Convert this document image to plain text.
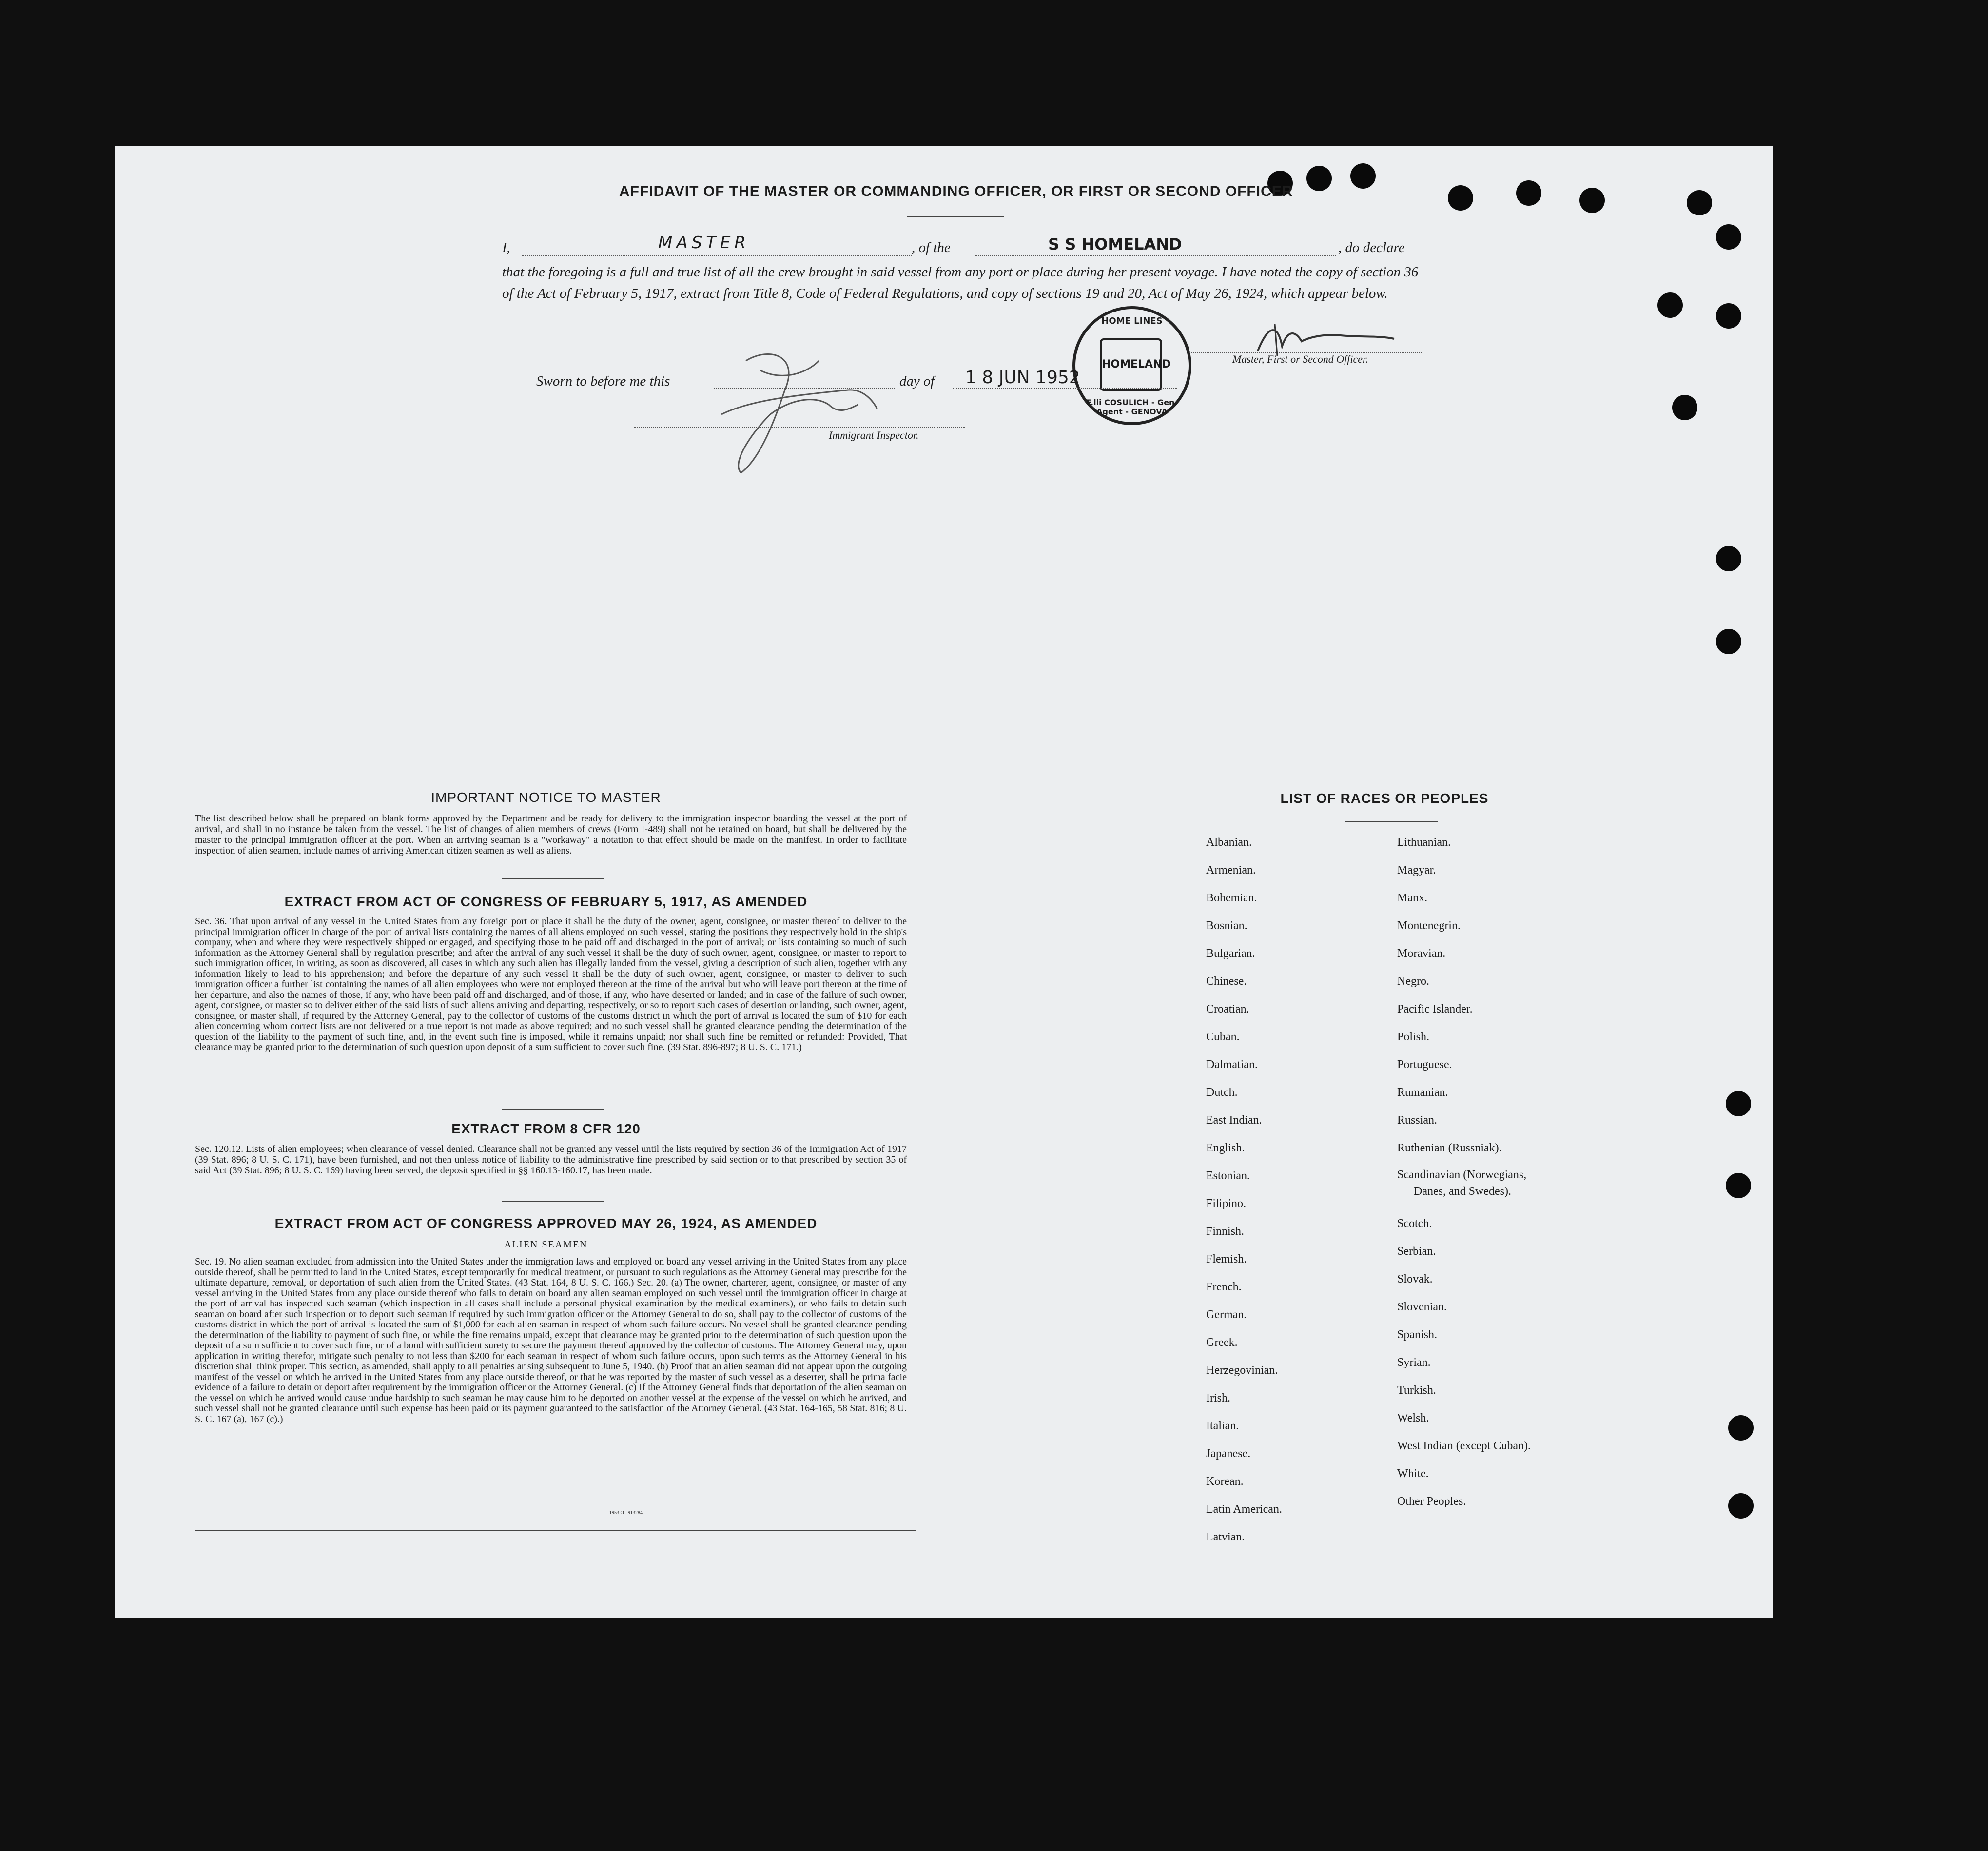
AFFIDAVIT OF THE MASTER OR COMMANDING OFFICER, OR FIRST OR SECOND OFFICER
I,	MASTER	, of the	S S HOMELAND	, do declare
that the foregoing is a full and true list of all the crew brought in said vessel from any port or place during her present voyage. I have noted the copy of section 36 of the Act of February 5, 1917, extract from Title 8, Code of Federal Regulations, and copy of sections 19 and 20, Act of May 26, 1924, which appear below.
HOME LINES
HOMELAND
F.lli COSULICH - Gen. Agent - GENOVA
Master, First or Second Officer.
Sworn to before me this	day of 1 8 JUN 1952
Immigrant Inspector.
IMPORTANT NOTICE TO MASTER
The list described below shall be prepared on blank forms approved by the Department and be ready for delivery to the immigration inspector boarding the vessel at the port of arrival, and shall in no instance be taken from the vessel. The list of changes of alien members of crews (Form I-489) shall not be retained on board, but shall be delivered by the master to the principal immigration officer at the port. When an arriving seaman is a "workaway" a notation to that effect should be made on the manifest. In order to facilitate inspection of alien seamen, include names of arriving American citizen seamen as well as aliens.
EXTRACT FROM ACT OF CONGRESS OF FEBRUARY 5, 1917, AS AMENDED
Sec. 36. That upon arrival of any vessel in the United States from any foreign port or place it shall be the duty of the owner, agent, consignee, or master thereof to deliver to the principal immigration officer in charge of the port of arrival lists containing the names of all aliens employed on such vessel, stating the positions they respectively hold in the ship's company, when and where they were respectively shipped or engaged, and specifying those to be paid off and discharged in the port of arrival; or lists containing so much of such information as the Attorney General shall by regulation prescribe; and after the arrival of any such vessel it shall be the duty of such owner, agent, consignee, or master to report to such immigration officer, in writing, as soon as discovered, all cases in which any such alien has illegally landed from the vessel, giving a description of such alien, together with any information likely to lead to his apprehension; and before the departure of any such vessel it shall be the duty of such owner, agent, consignee, or master to deliver to such immigration officer a further list containing the names of all alien employees who were not employed thereon at the time of the arrival but who will leave port thereon at the time of her departure, and also the names of those, if any, who have been paid off and discharged, and of those, if any, who have deserted or landed; and in case of the failure of such owner, agent, consignee, or master so to deliver either of the said lists of such aliens arriving and departing, respectively, or so to report such cases of desertion or landing, such owner, agent, consignee, or master shall, if required by the Attorney General, pay to the collector of customs of the customs district in which the port of arrival is located the sum of $10 for each alien concerning whom correct lists are not delivered or a true report is not made as above required; and no such vessel shall be granted clearance pending the determination of the question of the liability to the payment of such fine, and, in the event such fine is imposed, while it remains unpaid; nor shall such fine be remitted or refunded: Provided, That clearance may be granted prior to the determination of such question upon deposit of a sum sufficient to cover such fine. (39 Stat. 896-897; 8 U. S. C. 171.)
EXTRACT FROM 8 CFR 120
Sec. 120.12. Lists of alien employees; when clearance of vessel denied. Clearance shall not be granted any vessel until the lists required by section 36 of the Immigration Act of 1917 (39 Stat. 896; 8 U. S. C. 171), have been furnished, and not then unless notice of liability to the administrative fine prescribed by said section or to that prescribed by section 35 of said Act (39 Stat. 896; 8 U. S. C. 169) having been served, the deposit specified in §§ 160.13-160.17, has been made.
EXTRACT FROM ACT OF CONGRESS APPROVED MAY 26, 1924, AS AMENDED
ALIEN SEAMEN
Sec. 19. No alien seaman excluded from admission into the United States under the immigration laws and employed on board any vessel arriving in the United States from any place outside thereof, shall be permitted to land in the United States, except temporarily for medical treatment, or pursuant to such regulations as the Attorney General may prescribe for the ultimate departure, removal, or deportation of such alien from the United States. (43 Stat. 164, 8 U. S. C. 166.) Sec. 20. (a) The owner, charterer, agent, consignee, or master of any vessel arriving in the United States from any place outside thereof who fails to detain on board any alien seaman employed on such vessel until the immigration officer in charge at the port of arrival has inspected such seaman (which inspection in all cases shall include a personal physical examination by the medical examiners), or who fails to detain such seaman on board after such inspection or to deport such seaman if required by such immigration officer or the Attorney General to do so, shall pay to the collector of customs of the customs district in which the port of arrival is located the sum of $1,000 for each alien seaman in respect of whom such failure occurs. No vessel shall be granted clearance pending the determination of the liability to payment of such fine, or while the fine remains unpaid, except that clearance may be granted prior to the determination of such question upon the deposit of a sum sufficient to cover such fine, or of a bond with sufficient surety to secure the payment thereof approved by the collector of customs. The Attorney General may, upon application in writing therefor, mitigate such penalty to not less than $200 for each seaman in respect of whom such failure occurs, upon such terms as the Attorney General in his discretion shall think proper. This section, as amended, shall apply to all penalties arising subsequent to June 5, 1940. (b) Proof that an alien seaman did not appear upon the outgoing manifest of the vessel on which he arrived in the United States from any place outside thereof, or that he was reported by the master of such vessel as a deserter, shall be prima facie evidence of a failure to detain or deport after requirement by the immigration officer or the Attorney General. (c) If the Attorney General finds that deportation of the alien seaman on the vessel on which he arrived would cause undue hardship to such seaman he may cause him to be deported on another vessel at the expense of the vessel on which he arrived, and such vessel shall not be granted clearance until such expense has been paid or its payment guaranteed to the satisfaction of the Attorney General. (43 Stat. 164-165, 58 Stat. 816; 8 U. S. C. 167 (a), 167 (c).)
1953 O - 913284
LIST OF RACES OR PEOPLES
Albanian.
Armenian.
Bohemian.
Bosnian.
Bulgarian.
Chinese.
Croatian.
Cuban.
Dalmatian.
Dutch.
East Indian.
English.
Estonian.
Filipino.
Finnish.
Flemish.
French.
German.
Greek.
Herzegovinian.
Irish.
Italian.
Japanese.
Korean.
Latin American.
Latvian.
Lithuanian.
Magyar.
Manx.
Montenegrin.
Moravian.
Negro.
Pacific Islander.
Polish.
Portuguese.
Rumanian.
Russian.
Ruthenian (Russniak).
Scandinavian (Norwegians,
Danes, and Swedes).
Scotch.
Serbian.
Slovak.
Slovenian.
Spanish.
Syrian.
Turkish.
Welsh.
West Indian (except Cuban).
White.
Other Peoples.
